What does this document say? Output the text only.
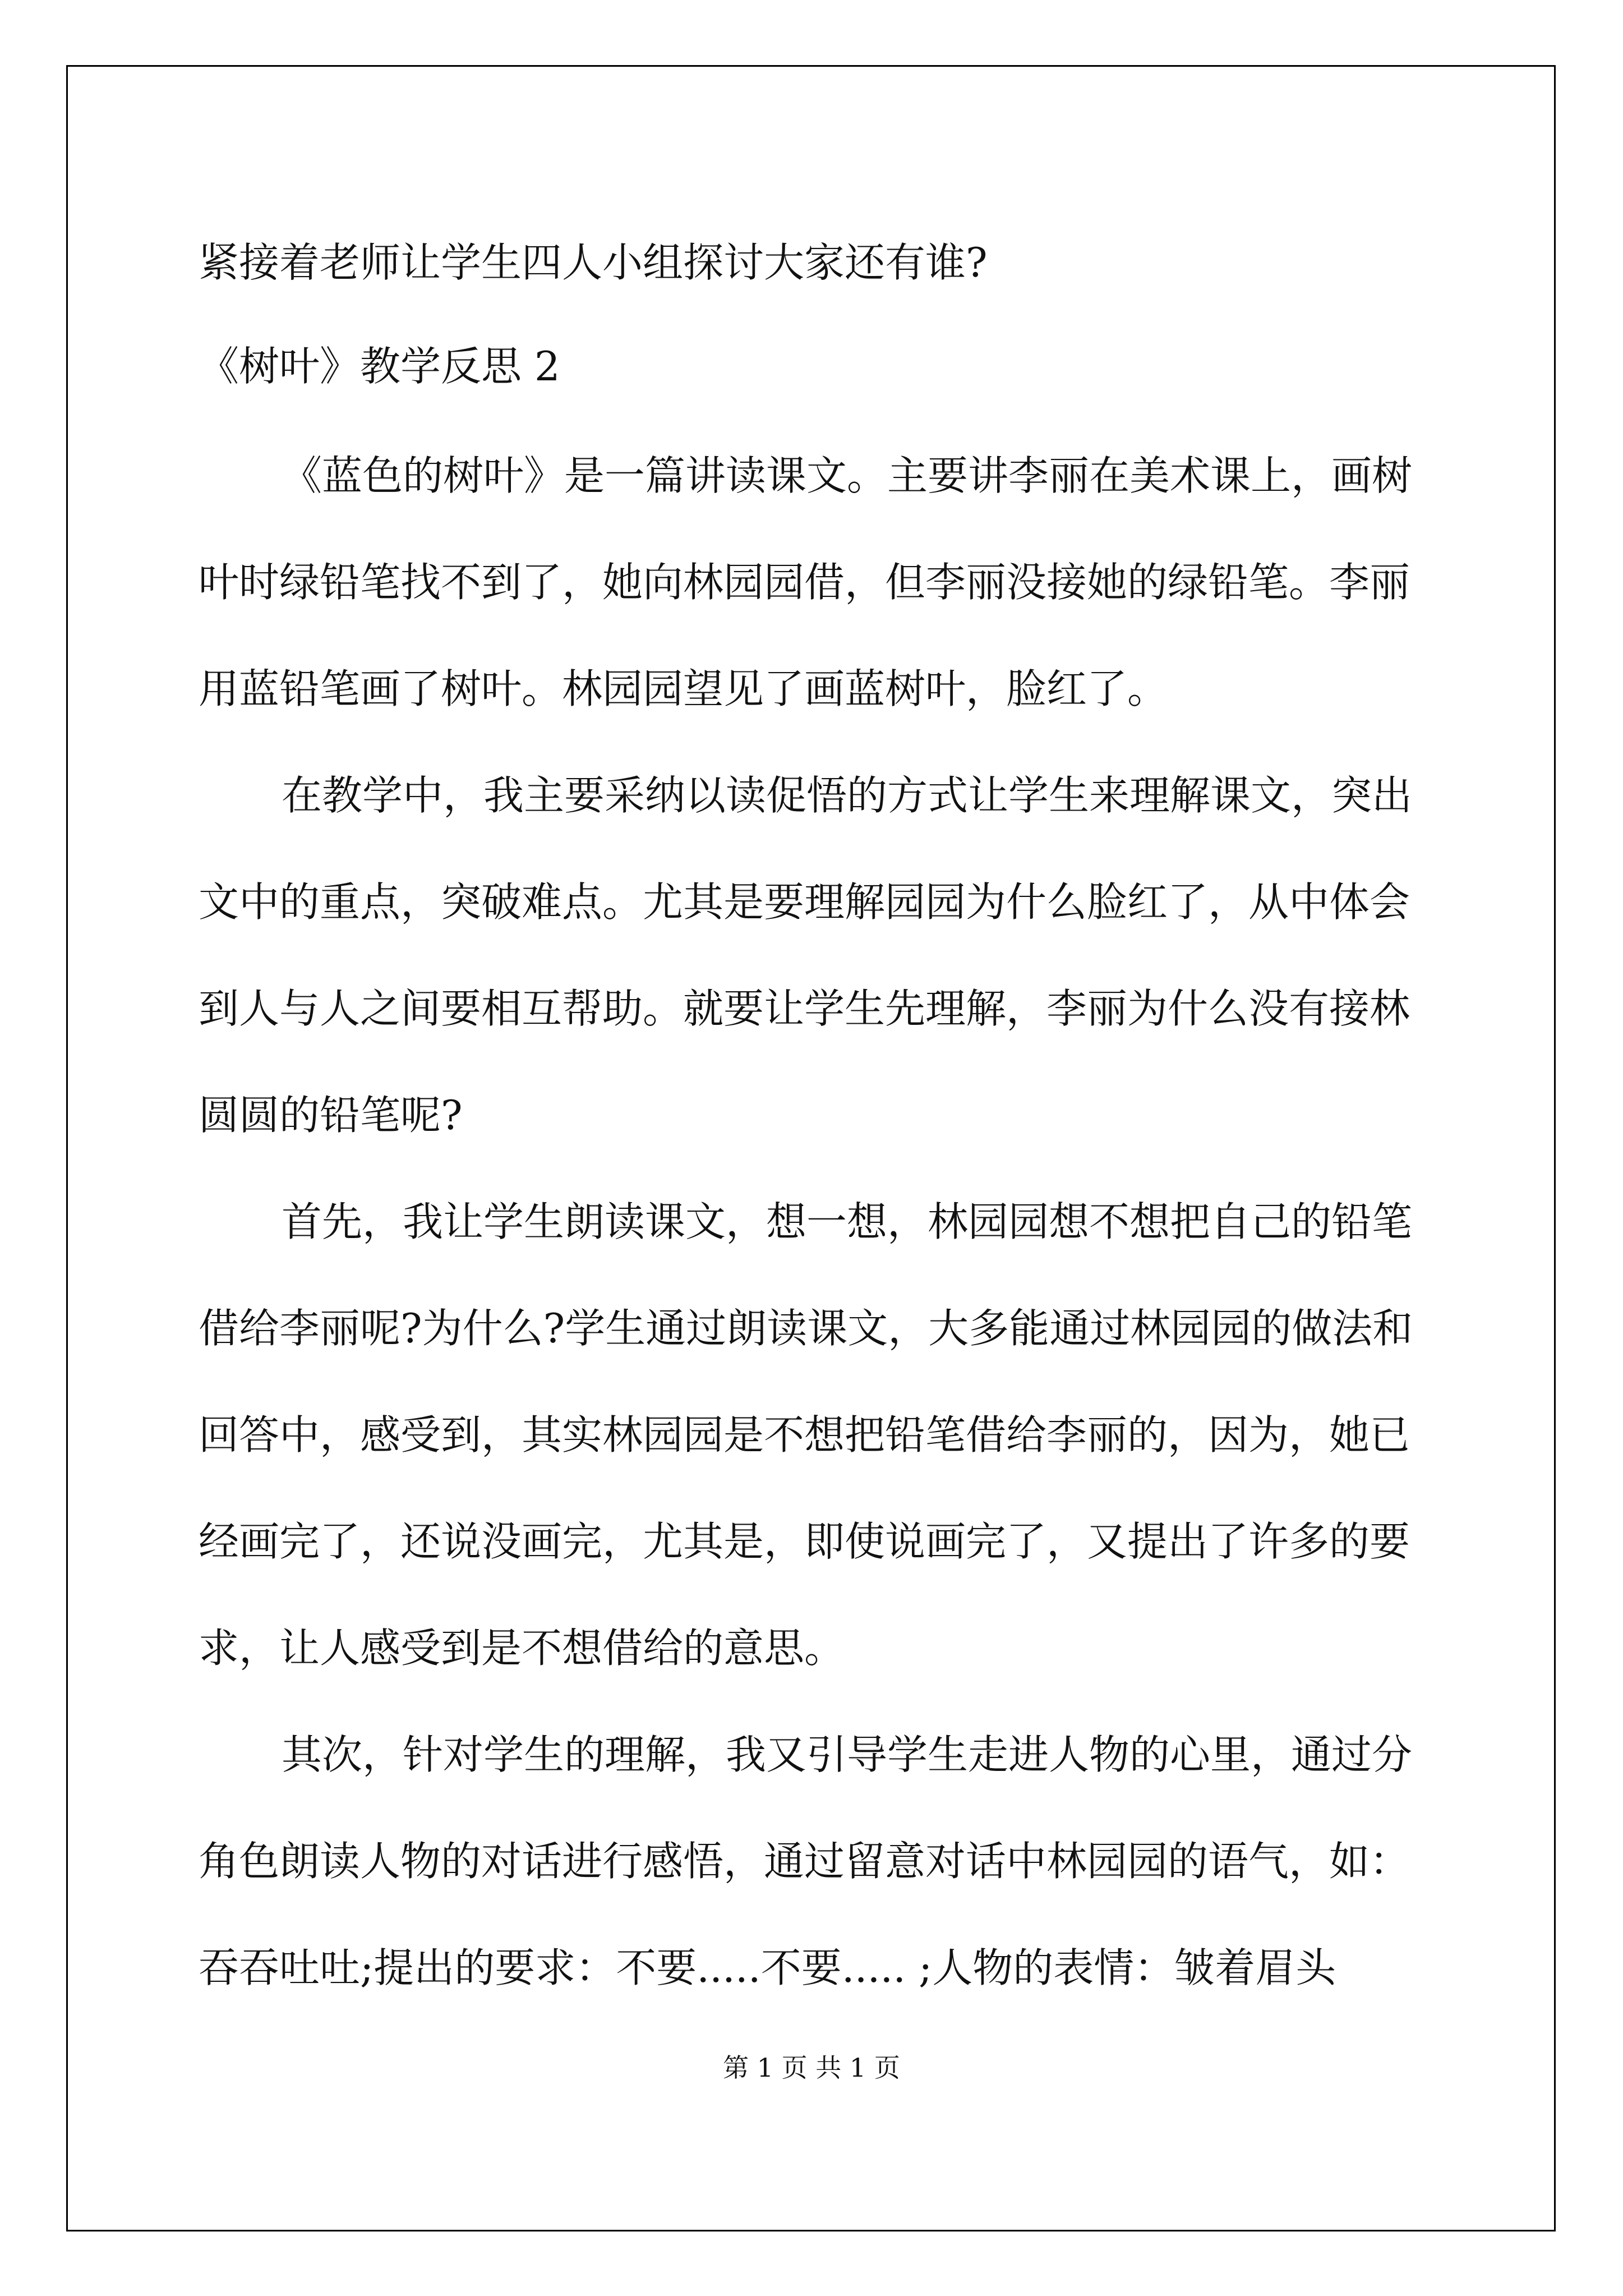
紧接着老师让学生四人小组探讨大家还有谁?

《树叶》教学反思 2

《蓝色的树叶》是一篇讲读课文。主要讲李丽在美术课上，画树

叶时绿铅笔找不到了，她向林园园借，但李丽没接她的绿铅笔。李丽

用蓝铅笔画了树叶。林园园望见了画蓝树叶，脸红了。

在教学中，我主要采纳以读促悟的方式让学生来理解课文，突出

文中的重点，突破难点。尤其是要理解园园为什么脸红了，从中体会

到人与人之间要相互帮助。就要让学生先理解，李丽为什么没有接林

圆圆的铅笔呢?

首先，我让学生朗读课文，想一想，林园园想不想把自己的铅笔

借给李丽呢?为什么?学生通过朗读课文，大多能通过林园园的做法和

回答中，感受到，其实林园园是不想把铅笔借给李丽的，因为，她已

经画完了，还说没画完，尤其是，即使说画完了，又提出了许多的要

求，让人感受到是不想借给的意思。

其次，针对学生的理解，我又引导学生走进人物的心里，通过分

角色朗读人物的对话进行感悟，通过留意对话中林园园的语气，如：

吞吞吐吐;提出的要求：不要.....不要..... ;人物的表情：皱着眉头

第 1 页 共 1 页
